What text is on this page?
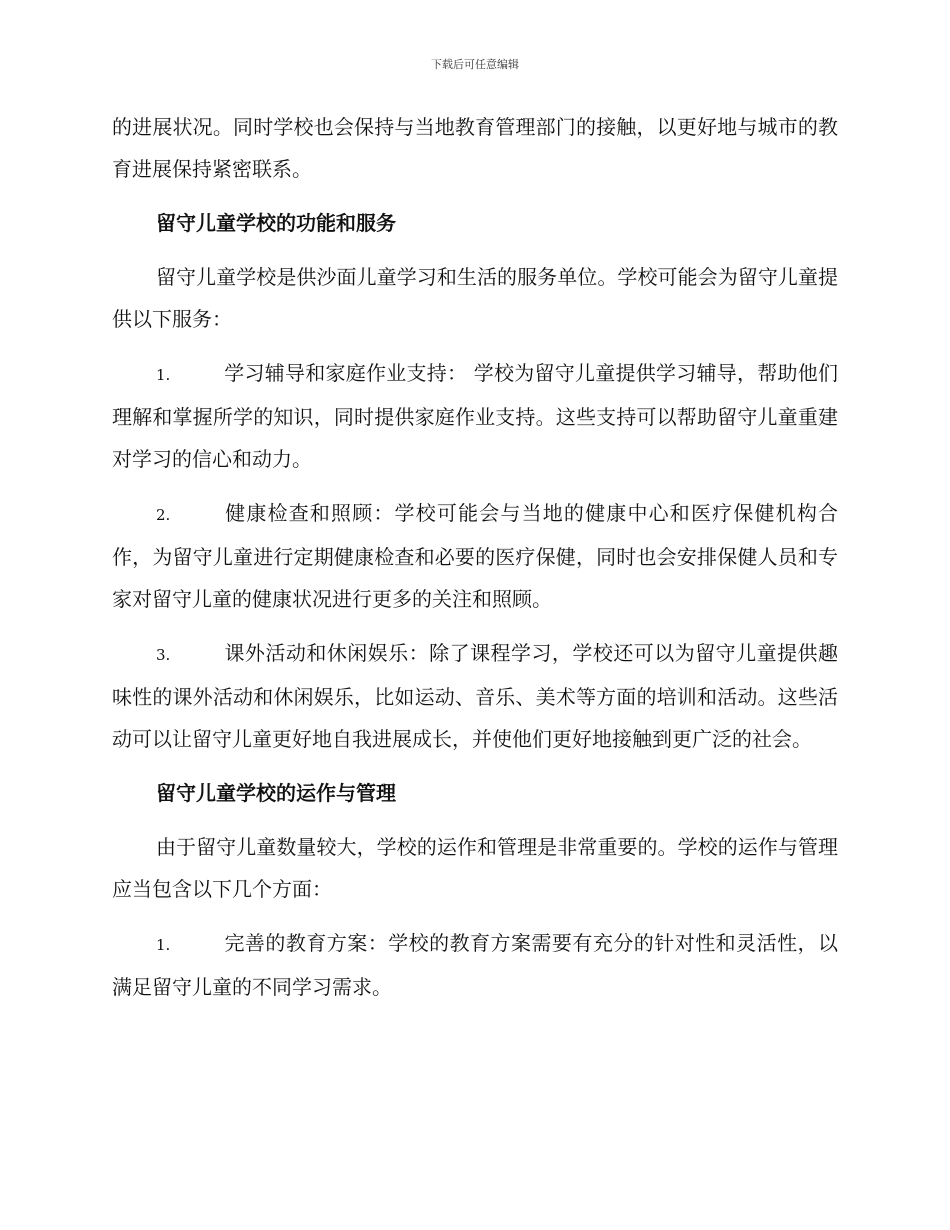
下载后可任意编辑

的进展状况。同时学校也会保持与当地教育管理部门的接触，以更好地与城市的教育进展保持紧密联系。

留守儿童学校的功能和服务

留守儿童学校是供沙面儿童学习和生活的服务单位。学校可能会为留守儿童提供以下服务：

1.	学习辅导和家庭作业支持： 学校为留守儿童提供学习辅导，帮助他们理解和掌握所学的知识，同时提供家庭作业支持。这些支持可以帮助留守儿童重建对学习的信心和动力。

2.	健康检查和照顾：学校可能会与当地的健康中心和医疗保健机构合作，为留守儿童进行定期健康检查和必要的医疗保健，同时也会安排保健人员和专家对留守儿童的健康状况进行更多的关注和照顾。

3.	课外活动和休闲娱乐：除了课程学习，学校还可以为留守儿童提供趣味性的课外活动和休闲娱乐，比如运动、音乐、美术等方面的培训和活动。这些活动可以让留守儿童更好地自我进展成长，并使他们更好地接触到更广泛的社会。

留守儿童学校的运作与管理

由于留守儿童数量较大，学校的运作和管理是非常重要的。学校的运作与管理应当包含以下几个方面：

1.	完善的教育方案：学校的教育方案需要有充分的针对性和灵活性，以满足留守儿童的不同学习需求。
